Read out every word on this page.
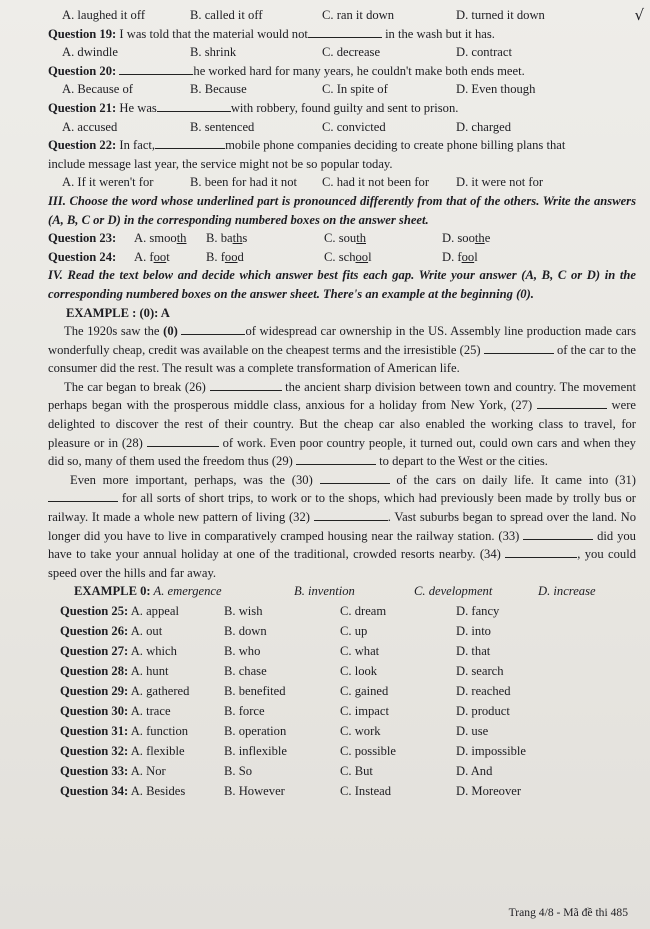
√
A. laughed it off	B. called it off	C. ran it down	D. turned it down
Question 19: I was told that the material would not	in the wash but it has.
A. dwindle	B. shrink	C. decrease	D. contract
Question 20:	he worked hard for many years, he couldn't make both ends meet.
A. Because of	B. Because	C. In spite of	D. Even though
Question 21: He was	with robbery, found guilty and sent to prison.
A. accused	B. sentenced	C. convicted	D. charged
Question 22: In fact,	mobile phone companies deciding to create phone billing plans that
include message last year, the service might not be so popular today.
A. If it weren't for	B. been for had it not	C. had it not been for	D. it were not for
III. Choose the word whose underlined part is pronounced differently from that of the others. Write the answers (A, B, C or D) in the corresponding numbered boxes on the answer sheet.
Question 23:	A. smooth	B. baths	C. south	D. soothe
Question 24:	A. foot	B. food	C. school	D. fool
IV. Read the text below and decide which answer best fits each gap. Write your answer (A, B, C or D) in the corresponding numbered boxes on the answer sheet. There's an example at the beginning (0).
EXAMPLE : (0): A

The 1920s saw the (0)	of widespread car ownership in the US. Assembly line production made cars wonderfully cheap, credit was available on the cheapest terms and the irresistible (25)	of the car to the consumer did the rest. The result was a complete transformation of American life.

The car began to break (26)	the ancient sharp division between town and country. The movement perhaps began with the prosperous middle class, anxious for a holiday from New York, (27)	were delighted to discover the rest of their country. But the cheap car also enabled the working class to travel, for pleasure or in (28)	of work. Even poor country people, it turned out, could own cars and when they did so, many of them used the freedom thus (29)	to depart to the West or the cities.

Even more important, perhaps, was the (30)	of the cars on daily life. It came into (31)  for all sorts of short trips, to work or to the shops, which had previously been made by trolly bus or railway. It made a whole new pattern of living (32)	. Vast suburbs began to spread over the land. No longer did you have to live in comparatively cramped housing near the railway station. (33)	did you have to take your annual holiday at one of the traditional, crowded resorts nearby. (34)	, you could speed over the hills and far away.

EXAMPLE 0: A. emergence	B. invention	C. development	D. increase
Question 25: A. appeal	B. wish	C. dream	D. fancy
Question 26: A. out	B. down	C. up	D. into
Question 27: A. which	B. who	C. what	D. that
Question 28: A. hunt	B. chase	C. look	D. search
Question 29: A. gathered	B. benefited	C. gained	D. reached
Question 30: A. trace	B. force	C. impact	D. product
Question 31: A. function	B. operation	C. work	D. use
Question 32: A. flexible	B. inflexible	C. possible	D. impossible
Question 33: A. Nor	B. So	C. But	D. And
Question 34: A. Besides	B. However	C. Instead	D. Moreover
Trang 4/8 - Mã đề thi 485
